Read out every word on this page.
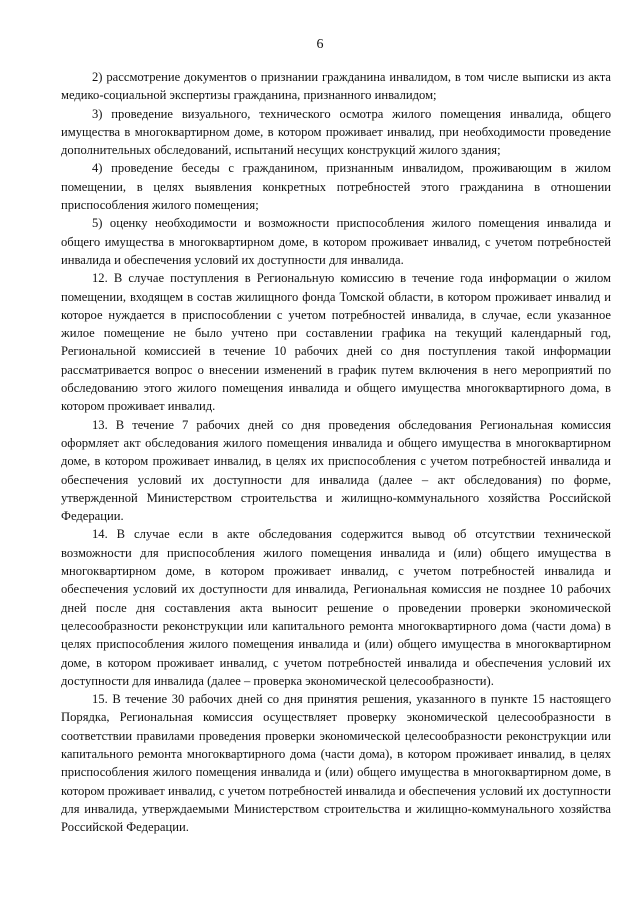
6

2) рассмотрение документов о признании гражданина инвалидом, в том числе выписки из акта медико-социальной экспертизы гражданина, признанного инвалидом;

3) проведение визуального, технического осмотра жилого помещения инвалида, общего имущества в многоквартирном доме, в котором проживает инвалид, при необходимости проведение дополнительных обследований, испытаний несущих конструкций жилого здания;

4) проведение беседы с гражданином, признанным инвалидом, проживающим в жилом помещении, в целях выявления конкретных потребностей этого гражданина в отношении приспособления жилого помещения;

5) оценку необходимости и возможности приспособления жилого помещения инвалида и общего имущества в многоквартирном доме, в котором проживает инвалид, с учетом потребностей инвалида и обеспечения условий их доступности для инвалида.

12. В случае поступления в Региональную комиссию в течение года информации о жилом помещении, входящем в состав жилищного фонда Томской области, в котором проживает инвалид и которое нуждается в приспособлении с учетом потребностей инвалида, в случае, если указанное жилое помещение не было учтено при составлении графика на текущий календарный год, Региональной комиссией в течение 10 рабочих дней со дня поступления такой информации рассматривается вопрос о внесении изменений в график путем включения в него мероприятий по обследованию этого жилого помещения инвалида и общего имущества многоквартирного дома, в котором проживает инвалид.

13. В течение 7 рабочих дней со дня проведения обследования Региональная комиссия оформляет акт обследования жилого помещения инвалида и общего имущества в многоквартирном доме, в котором проживает инвалид, в целях их приспособления с учетом потребностей инвалида и обеспечения условий их доступности для инвалида (далее – акт обследования) по форме, утвержденной Министерством строительства и жилищно-коммунального хозяйства Российской Федерации.

14. В случае если в акте обследования содержится вывод об отсутствии технической возможности для приспособления жилого помещения инвалида и (или) общего имущества в многоквартирном доме, в котором проживает инвалид, с учетом потребностей инвалида и обеспечения условий их доступности для инвалида, Региональная комиссия не позднее 10 рабочих дней после дня составления акта выносит решение о проведении проверки экономической целесообразности реконструкции или капитального ремонта многоквартирного дома (части дома) в целях приспособления жилого помещения инвалида и (или) общего имущества в многоквартирном доме, в котором проживает инвалид, с учетом потребностей инвалида и обеспечения условий их доступности для инвалида (далее – проверка экономической целесообразности).

15. В течение 30 рабочих дней со дня принятия решения, указанного в пункте 15 настоящего Порядка, Региональная комиссия осуществляет проверку экономической целесообразности в соответствии правилами проведения проверки экономической целесообразности реконструкции или капитального ремонта многоквартирного дома (части дома), в котором проживает инвалид, в целях приспособления жилого помещения инвалида и (или) общего имущества в многоквартирном доме, в котором проживает инвалид, с учетом потребностей инвалида и обеспечения условий их доступности для инвалида, утверждаемыми Министерством строительства и жилищно-коммунального хозяйства Российской Федерации.
